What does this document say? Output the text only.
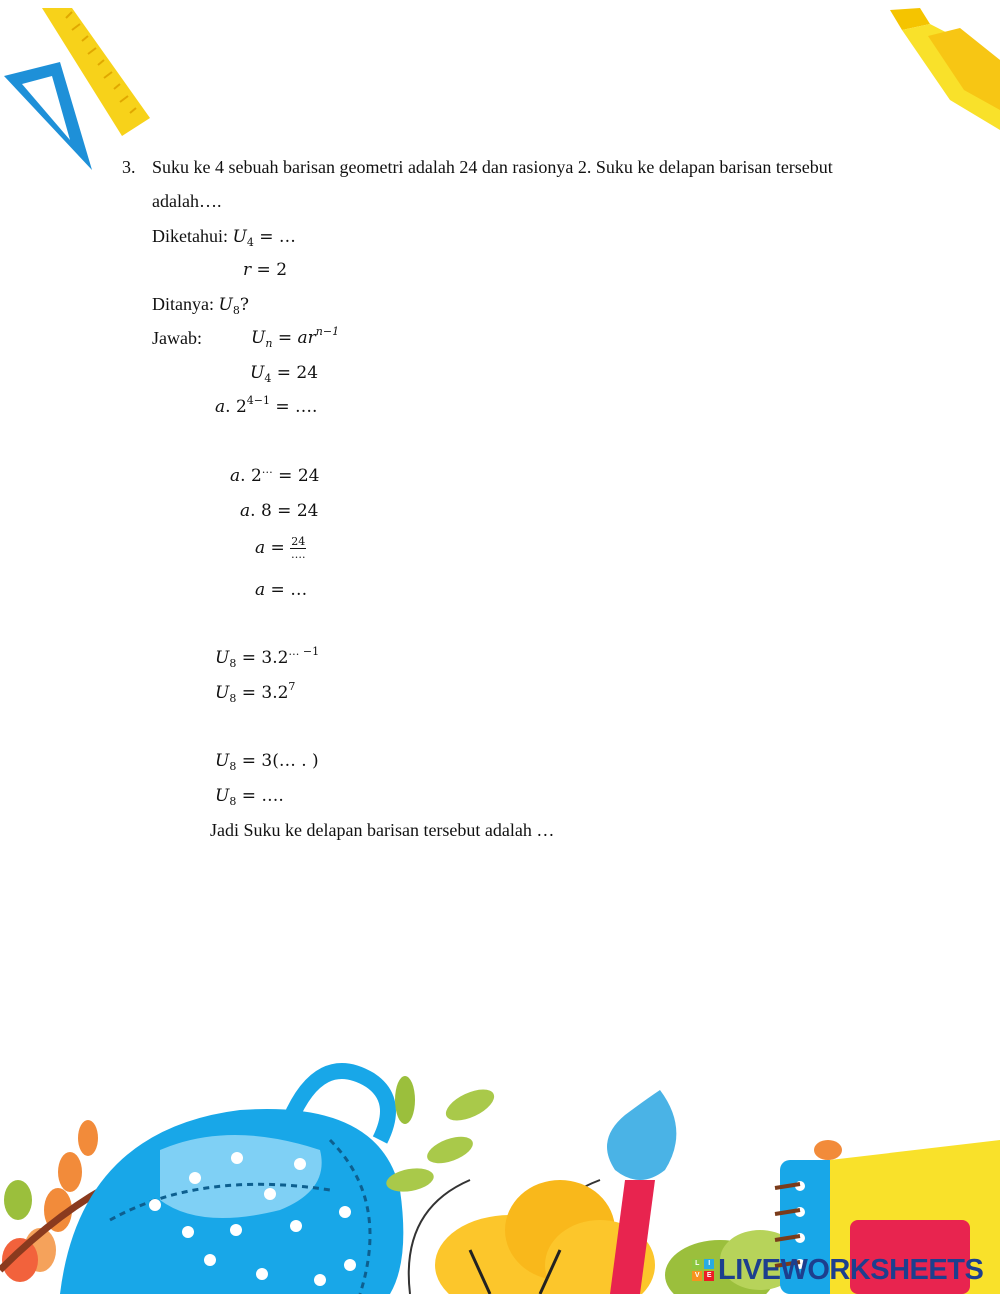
3. Suku ke 4 sebuah barisan geometri adalah 24 dan rasionya 2. Suku ke delapan barisan tersebut
adalah….
Diketahui: $U_4$ = …
r = 2
Ditanya: $U_8$?
Jawab:	$U_n = ar^{n-1}$
$U_4 = 24$
a. $2^{4-1}$ = ….
a. 2… = 24
a. 8 = 24
$a = \frac{24}{\dots.}$
a = …
$U_8 = 3.2^{\dots -1}$
$U_8 = 3.2^7$
$U_8$ = 3(… . )
$U_8$ = ….
Jadi Suku ke delapan barisan tersebut adalah …
L	I
V	E LIVEWORKSHEETS
